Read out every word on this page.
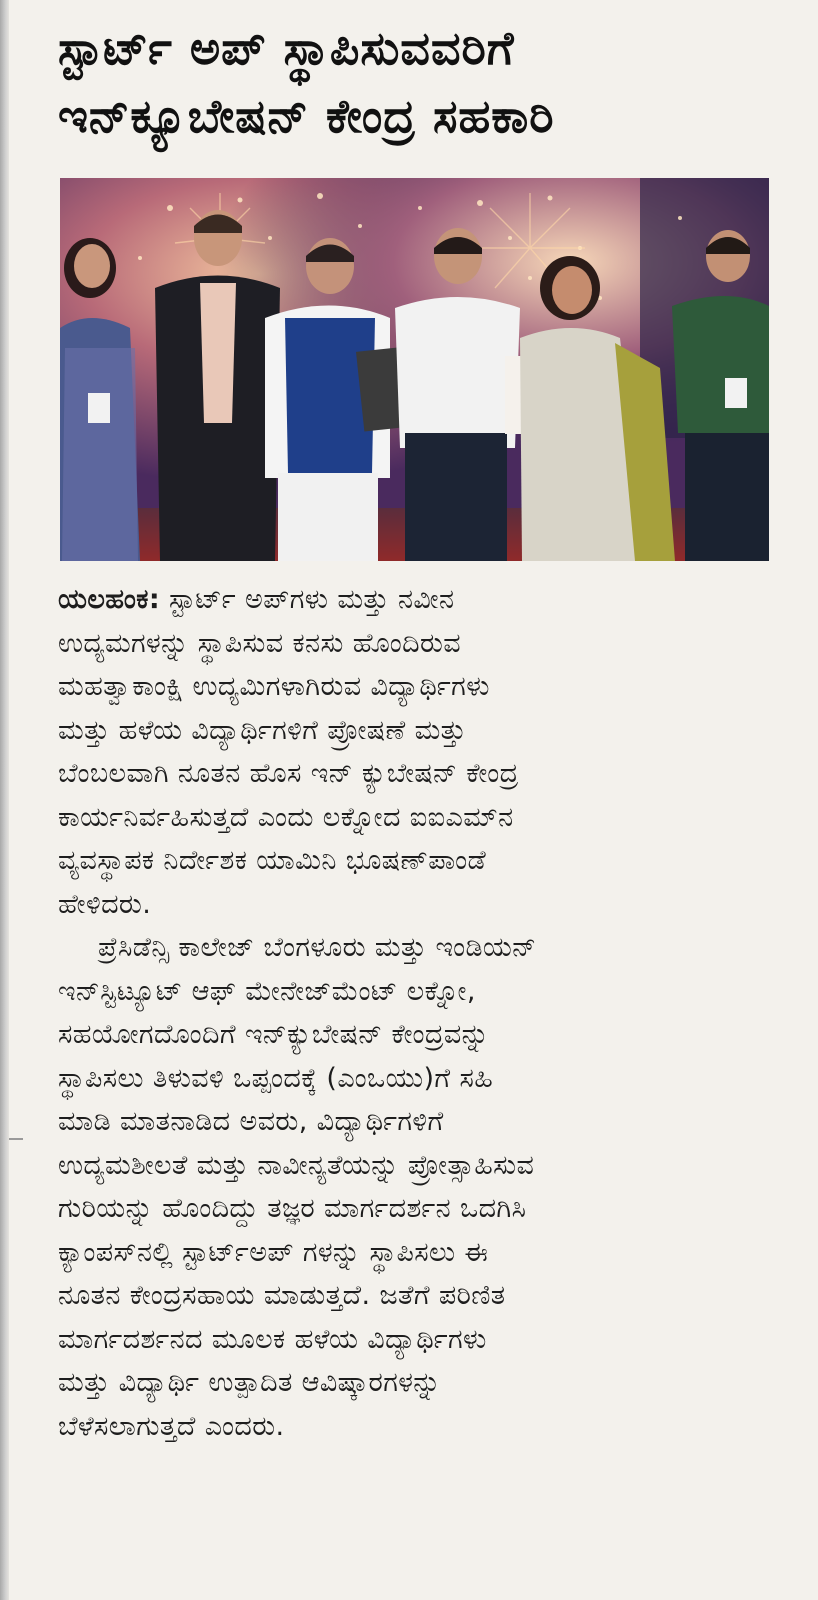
ಸ್ಟಾರ್ಟ್ ಅಪ್ ಸ್ಥಾಪಿಸುವವರಿಗೆ
ಇನ್‌ಕ್ಯೂಬೇಷನ್ ಕೇಂದ್ರ ಸಹಕಾರಿ

ಯಲಹಂಕ: ಸ್ಟಾರ್ಟ್ ಅಪ್‌ಗಳು ಮತ್ತು ನವೀನ
ಉದ್ಯಮಗಳನ್ನು ಸ್ಥಾಪಿಸುವ ಕನಸು ಹೊಂದಿರುವ
ಮಹತ್ವಾಕಾಂಕ್ಷಿ ಉದ್ಯಮಿಗಳಾಗಿರುವ ವಿದ್ಯಾರ್ಥಿಗಳು
ಮತ್ತು ಹಳೆಯ ವಿದ್ಯಾರ್ಥಿಗಳಿಗೆ ಪ್ರೋಷಣೆ ಮತ್ತು
ಬೆಂಬಲವಾಗಿ ನೂತನ ಹೊಸ ಇನ್ ಕ್ಯುಬೇಷನ್ ಕೇಂದ್ರ
ಕಾರ್ಯನಿರ್ವಹಿಸುತ್ತದೆ ಎಂದು ಲಕ್ನೋದ ಐಐಎಮ್‌ನ
ವ್ಯವಸ್ಥಾಪಕ ನಿರ್ದೇಶಕ ಯಾಮಿನಿ ಭೂಷಣ್‌ಪಾಂಡೆ
ಹೇಳಿದರು.

ಪ್ರೆಸಿಡೆನ್ಸಿ ಕಾಲೇಜ್ ಬೆಂಗಳೂರು ಮತ್ತು ಇಂಡಿಯನ್
ಇನ್‌ಸ್ಟಿಟ್ಯೂಟ್ ಆಫ್ ಮೇನೇಜ್‌ಮೆಂಟ್ ಲಕ್ನೋ,
ಸಹಯೋಗದೊಂದಿಗೆ ಇನ್‌ಕ್ಯುಬೇಷನ್ ಕೇಂದ್ರವನ್ನು
ಸ್ಥಾಪಿಸಲು ತಿಳುವಳಿ ಒಪ್ಪಂದಕ್ಕೆ (ಎಂಒಯು)ಗೆ ಸಹಿ
ಮಾಡಿ ಮಾತನಾಡಿದ ಅವರು, ವಿದ್ಯಾರ್ಥಿಗಳಿಗೆ
ಉದ್ಯಮಶೀಲತೆ ಮತ್ತು ನಾವೀನ್ಯತೆಯನ್ನು ಪ್ರೋತ್ಸಾಹಿಸುವ
ಗುರಿಯನ್ನು ಹೊಂದಿದ್ದು ತಜ್ಞರ ಮಾರ್ಗದರ್ಶನ ಒದಗಿಸಿ
ಕ್ಯಾಂಪಸ್‌ನಲ್ಲಿ ಸ್ಟಾರ್ಟ್‌ಅಪ್ ಗಳನ್ನು ಸ್ಥಾಪಿಸಲು ಈ
ನೂತನ ಕೇಂದ್ರಸಹಾಯ ಮಾಡುತ್ತದೆ. ಜತೆಗೆ ಪರಿಣಿತ
ಮಾರ್ಗದರ್ಶನದ ಮೂಲಕ ಹಳೆಯ ವಿದ್ಯಾರ್ಥಿಗಳು
ಮತ್ತು ವಿದ್ಯಾರ್ಥಿ ಉತ್ಪಾದಿತ ಆವಿಷ್ಕಾರಗಳನ್ನು
ಬೆಳೆಸಲಾಗುತ್ತದೆ ಎಂದರು.
